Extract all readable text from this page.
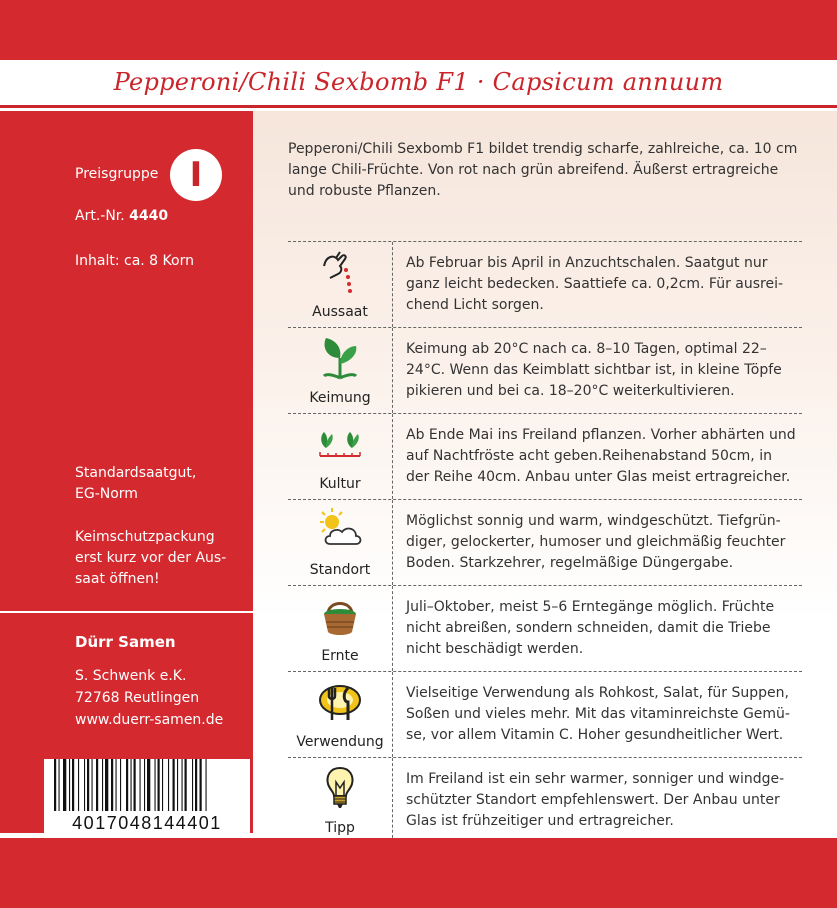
Pepperoni/Chili Sexbomb F1 · Capsicum annuum
Preisgruppe I
Art.-Nr. 4440
Inhalt: ca. 8 Korn
Standardsaatgut,
EG-Norm
Keimschutzpackung
erst kurz vor der Aus-
saat öffnen!
Dürr Samen
S. Schwenk e.K.
72768 Reutlingen
www.duerr-samen.de
4017048144401
Pepperoni/Chili Sexbomb F1 bildet trendig scharfe, zahlreiche, ca. 10 cm lange Chili-Früchte. Von rot nach grün abreifend. Äußerst ertragreiche und robuste Pflanzen.
Aussaat
Ab Februar bis April in Anzuchtschalen. Saatgut nur ganz leicht bedecken. Saattiefe ca. 0,2cm. Für ausrei-chend Licht sorgen.
Keimung
Keimung ab 20°C nach ca. 8–10 Tagen, optimal 22–24°C. Wenn das Keimblatt sichtbar ist, in kleine Töpfe pikieren und bei ca. 18–20°C weiterkultivieren.
Kultur
Ab Ende Mai ins Freiland pflanzen. Vorher abhärten und auf Nachtfröste acht geben.Reihenabstand 50cm, in der Reihe 40cm. Anbau unter Glas meist ertragreicher.
Standort
Möglichst sonnig und warm, windgeschützt. Tiefgrün-diger, gelockerter, humoser und gleichmäßig feuchter Boden. Starkzehrer, regelmäßige Düngergabe.
Ernte
Juli–Oktober, meist 5–6 Erntegänge möglich. Früchte nicht abreißen, sondern schneiden, damit die Triebe nicht beschädigt werden.
Verwendung
Vielseitige Verwendung als Rohkost, Salat, für Suppen, Soßen und vieles mehr. Mit das vitaminreichste Gemü-se, vor allem Vitamin C. Hoher gesundheitlicher Wert.
Tipp
Im Freiland ist ein sehr warmer, sonniger und windge-schützter Standort empfehlenswert. Der Anbau unter Glas ist frühzeitiger und ertragreicher.
